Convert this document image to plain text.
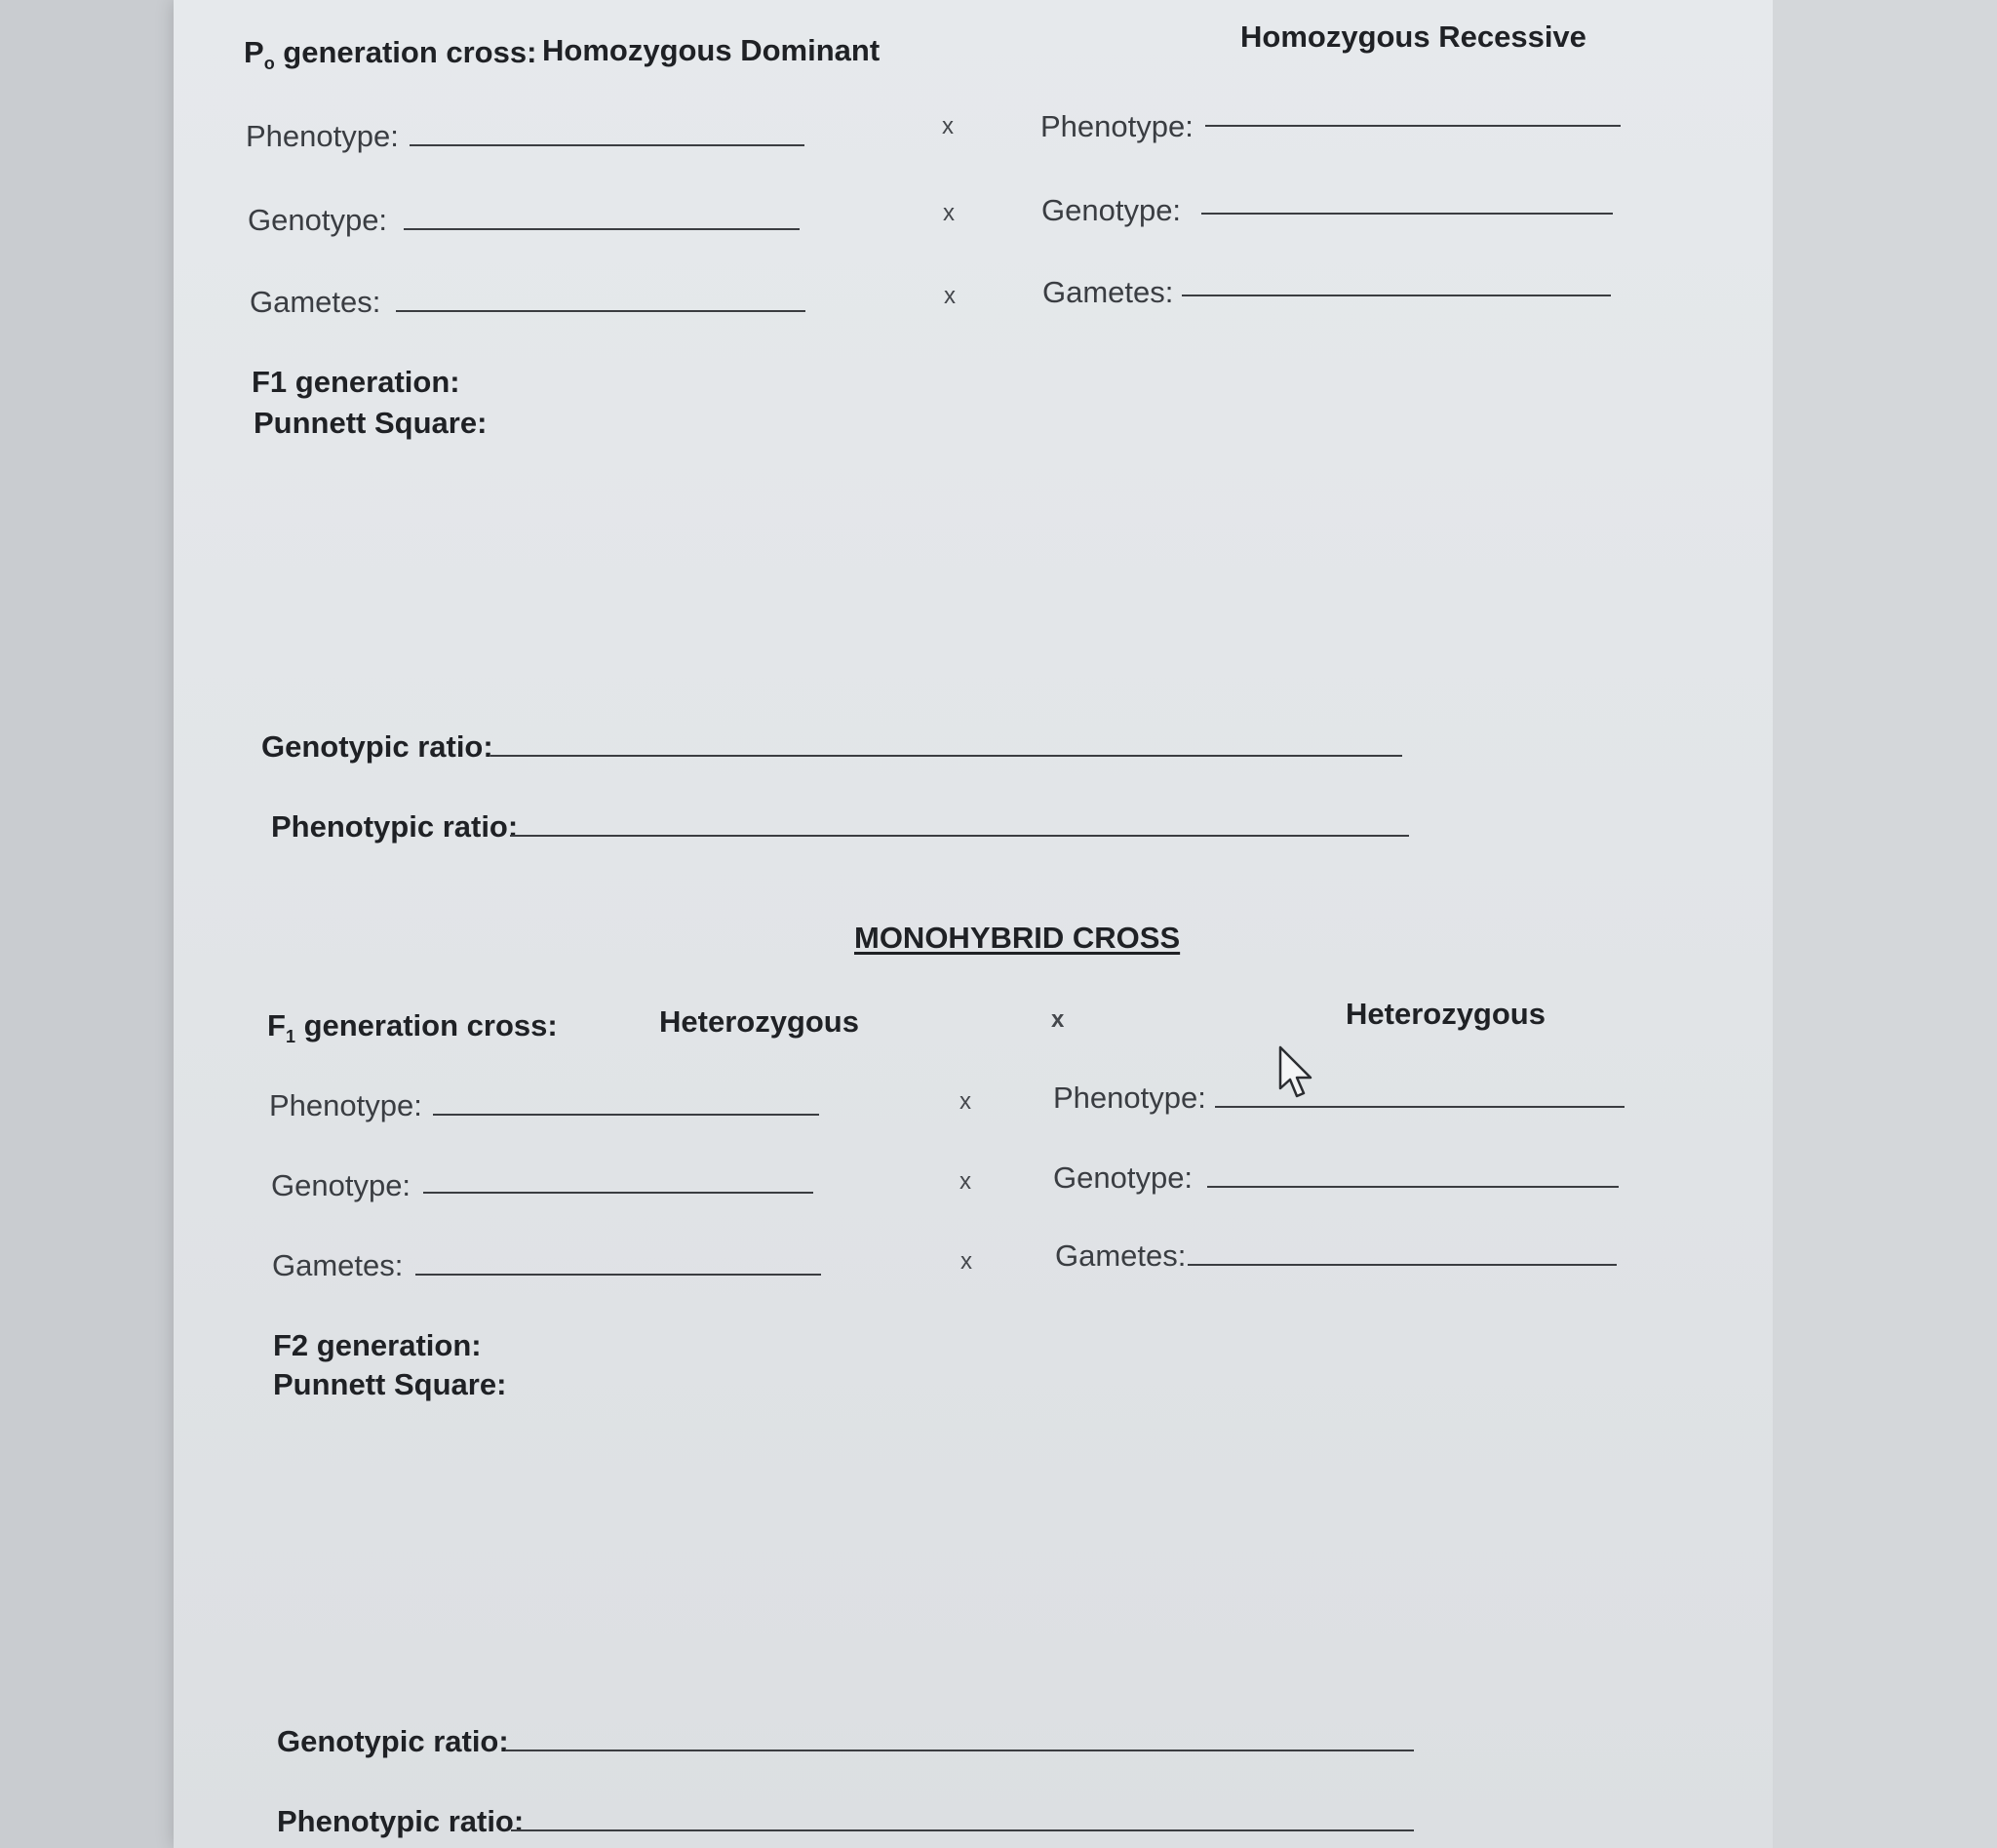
$P_o$ generation cross: Homozygous Dominant	Homozygous Recessive
Phenotype:	x	Phenotype:
Genotype:	x	Genotype:
Gametes:	x	Gametes:
F1 generation:
Punnett Square:
Genotypic ratio:
Phenotypic ratio:
MONOHYBRID CROSS
$F_1$ generation cross:	Heterozygous	x	Heterozygous
Phenotype:	x	Phenotype:
Genotype:	x	Genotype:
Gametes:	x	Gametes:
F2 generation:
Punnett Square:
Genotypic ratio:
Phenotypic ratio:
